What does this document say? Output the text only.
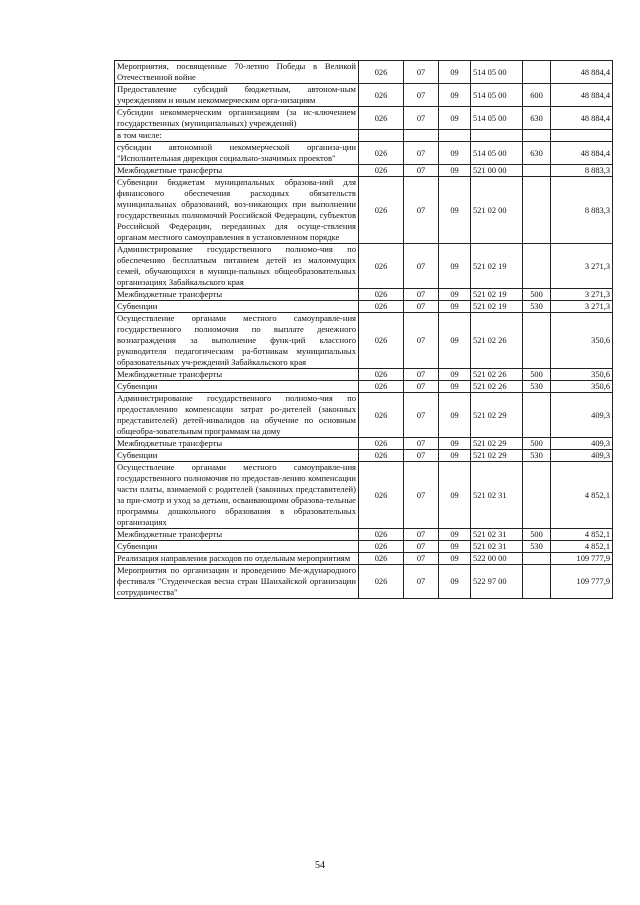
Мероприятия, посвященные 70-летию Победы в Великой Отечественной войне	026	07	09	514 05 00		48 884,4
Предоставление субсидий бюджетным, автоном-ным учреждениям и иным некоммерческим орга-низациям	026	07	09	514 05 00	600	48 884,4
Субсидии некоммерческим организациям (за ис-ключением государственных (муниципальных) учреждений)	026	07	09	514 05 00	630	48 884,4
в том числе:						
субсидии автономной некоммерческой организа-ции "Исполнительная дирекция социально-значимых проектов"	026	07	09	514 05 00	630	48 884,4
Межбюджетные трансферты	026	07	09	521 00 00		8 883,3
Субвенции бюджетам муниципальных образова-ний для финансового обеспечения расходных обязательств муниципальных образований, воз-никающих при выполнении государственных полномочий Российской Федерации, субъектов Российской Федерации, переданных для осуще-ствления органам местного самоуправления в установленном порядке	026	07	09	521 02 00		8 883,3
Администрирование государственного полномо-чия по обеспечению бесплатным питанием детей из малоимущих семей, обучающихся в муници-пальных общеобразовательных организациях Забайкальского края	026	07	09	521 02 19		3 271,3
Межбюджетные трансферты	026	07	09	521 02 19	500	3 271,3
Субвенции	026	07	09	521 02 19	530	3 271,3
Осуществление органами местного самоуправле-ния государственного полномочия по выплате денежного вознаграждения за выполнение функ-ций классного руководителя педагогическим ра-ботникам муниципальных образовательных уч-реждений Забайкальского края	026	07	09	521 02 26		350,6
Межбюджетные трансферты	026	07	09	521 02 26	500	350,6
Субвенции	026	07	09	521 02 26	530	350,6
Администрирование государственного полномо-чия по предоставлению компенсации затрат ро-дителей (законных представителей) детей-инвалидов на обучение по основным общеобра-зовательным программам на дому	026	07	09	521 02 29		409,3
Межбюджетные трансферты	026	07	09	521 02 29	500	409,3
Субвенции	026	07	09	521 02 29	530	409,3
Осуществление органами местного самоуправле-ния государственного полномочия по предостав-лению компенсации части платы, взимаемой с родителей (законных представителей) за при-смотр и уход за детьми, осваивающими образова-тельные программы дошкольного образования в образовательных организациях	026	07	09	521 02 31		4 852,1
Межбюджетные трансферты	026	07	09	521 02 31	500	4 852,1
Субвенции	026	07	09	521 02 31	530	4 852,1
Реализация направления расходов по отдельным мероприятиям	026	07	09	522 00 00		109 777,9
Мероприятия по организации и проведению Ме-ждународного фестиваля "Студенческая весна стран Шанхайской организации сотрудничества"	026	07	09	522 97 00		109 777,9
54
